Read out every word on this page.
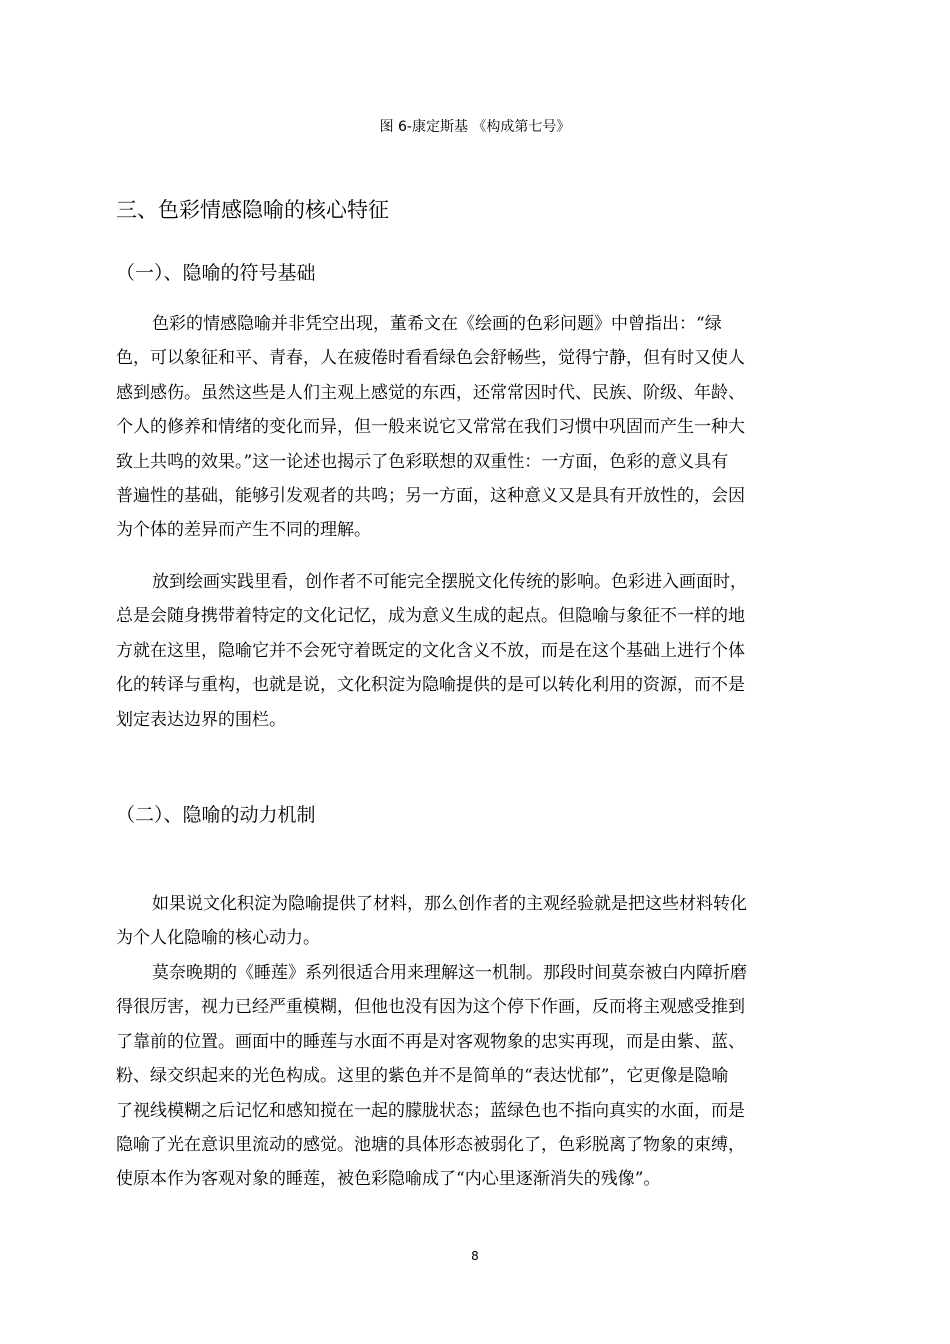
图 6-康定斯基 《构成第七号》
三、色彩情感隐喻的核心特征
（一）、隐喻的符号基础
色彩的情感隐喻并非凭空出现，董希文在《绘画的色彩问题》中曾指出：“绿
色，可以象征和平、青春，人在疲倦时看看绿色会舒畅些，觉得宁静，但有时又使人
感到感伤。虽然这些是人们主观上感觉的东西，还常常因时代、民族、阶级、年龄、
个人的修养和情绪的变化而异，但一般来说它又常常在我们习惯中巩固而产生一种大
致上共鸣的效果。”这一论述也揭示了色彩联想的双重性：一方面，色彩的意义具有
普遍性的基础，能够引发观者的共鸣；另一方面，这种意义又是具有开放性的，会因
为个体的差异而产生不同的理解。
放到绘画实践里看，创作者不可能完全摆脱文化传统的影响。色彩进入画面时，
总是会随身携带着特定的文化记忆，成为意义生成的起点。但隐喻与象征不一样的地
方就在这里，隐喻它并不会死守着既定的文化含义不放，而是在这个基础上进行个体
化的转译与重构，也就是说，文化积淀为隐喻提供的是可以转化利用的资源，而不是
划定表达边界的围栏。
（二）、隐喻的动力机制
如果说文化积淀为隐喻提供了材料，那么创作者的主观经验就是把这些材料转化
为个人化隐喻的核心动力。
莫奈晚期的《睡莲》系列很适合用来理解这一机制。那段时间莫奈被白内障折磨
得很厉害，视力已经严重模糊，但他也没有因为这个停下作画，反而将主观感受推到
了靠前的位置。画面中的睡莲与水面不再是对客观物象的忠实再现，而是由紫、蓝、
粉、绿交织起来的光色构成。这里的紫色并不是简单的“表达忧郁”，它更像是隐喻
了视线模糊之后记忆和感知搅在一起的朦胧状态；蓝绿色也不指向真实的水面，而是
隐喻了光在意识里流动的感觉。池塘的具体形态被弱化了，色彩脱离了物象的束缚，
使原本作为客观对象的睡莲，被色彩隐喻成了“内心里逐渐消失的残像”。
8
